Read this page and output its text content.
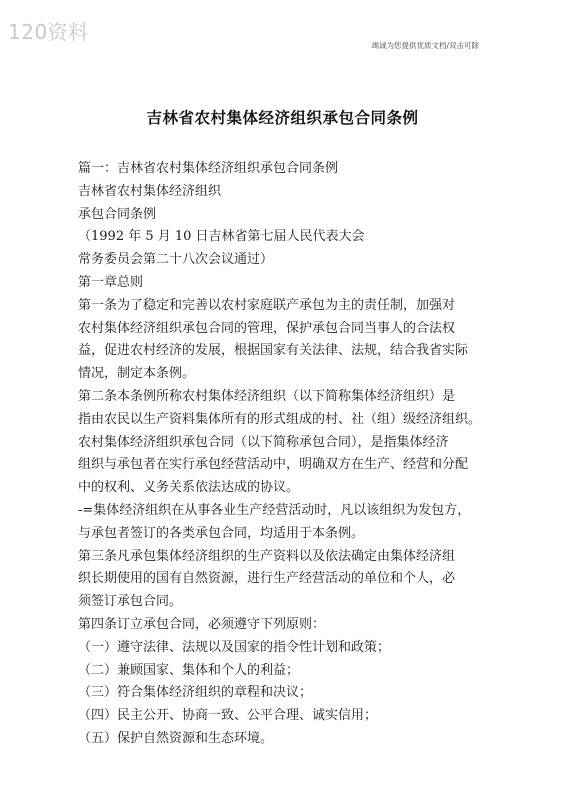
120资料
竭诚为您提供优质文档/双击可除
吉林省农村集体经济组织承包合同条例
篇一：吉林省农村集体经济组织承包合同条例
吉林省农村集体经济组织
承包合同条例
（1992 年 5 月 10 日吉林省第七届人民代表大会
常务委员会第二十八次会议通过）
第一章总则
第一条为了稳定和完善以农村家庭联产承包为主的责任制，加强对
农村集体经济组织承包合同的管理，保护承包合同当事人的合法权
益，促进农村经济的发展，根据国家有关法律、法规，结合我省实际
情况，制定本条例。
第二条本条例所称农村集体经济组织（以下简称集体经济组织）是
指由农民以生产资料集体所有的形式组成的村、社（组）级经济组织。
农村集体经济组织承包合同（以下简称承包合同），是指集体经济
组织与承包者在实行承包经营活动中，明确双方在生产、经营和分配
中的权利、义务关系依法达成的协议。
-=集体经济组织在从事各业生产经营活动时，凡以该组织为发包方，
与承包者签订的各类承包合同，均适用于本条例。
第三条凡承包集体经济组织的生产资料以及依法确定由集体经济组
织长期使用的国有自然资源，进行生产经营活动的单位和个人，必
须签订承包合同。
第四条订立承包合同，必须遵守下列原则：
（一）遵守法律、法规以及国家的指令性计划和政策；
（二）兼顾国家、集体和个人的利益；
（三）符合集体经济组织的章程和决议；
（四）民主公开、协商一致、公平合理、诚实信用；
（五）保护自然资源和生态环境。
